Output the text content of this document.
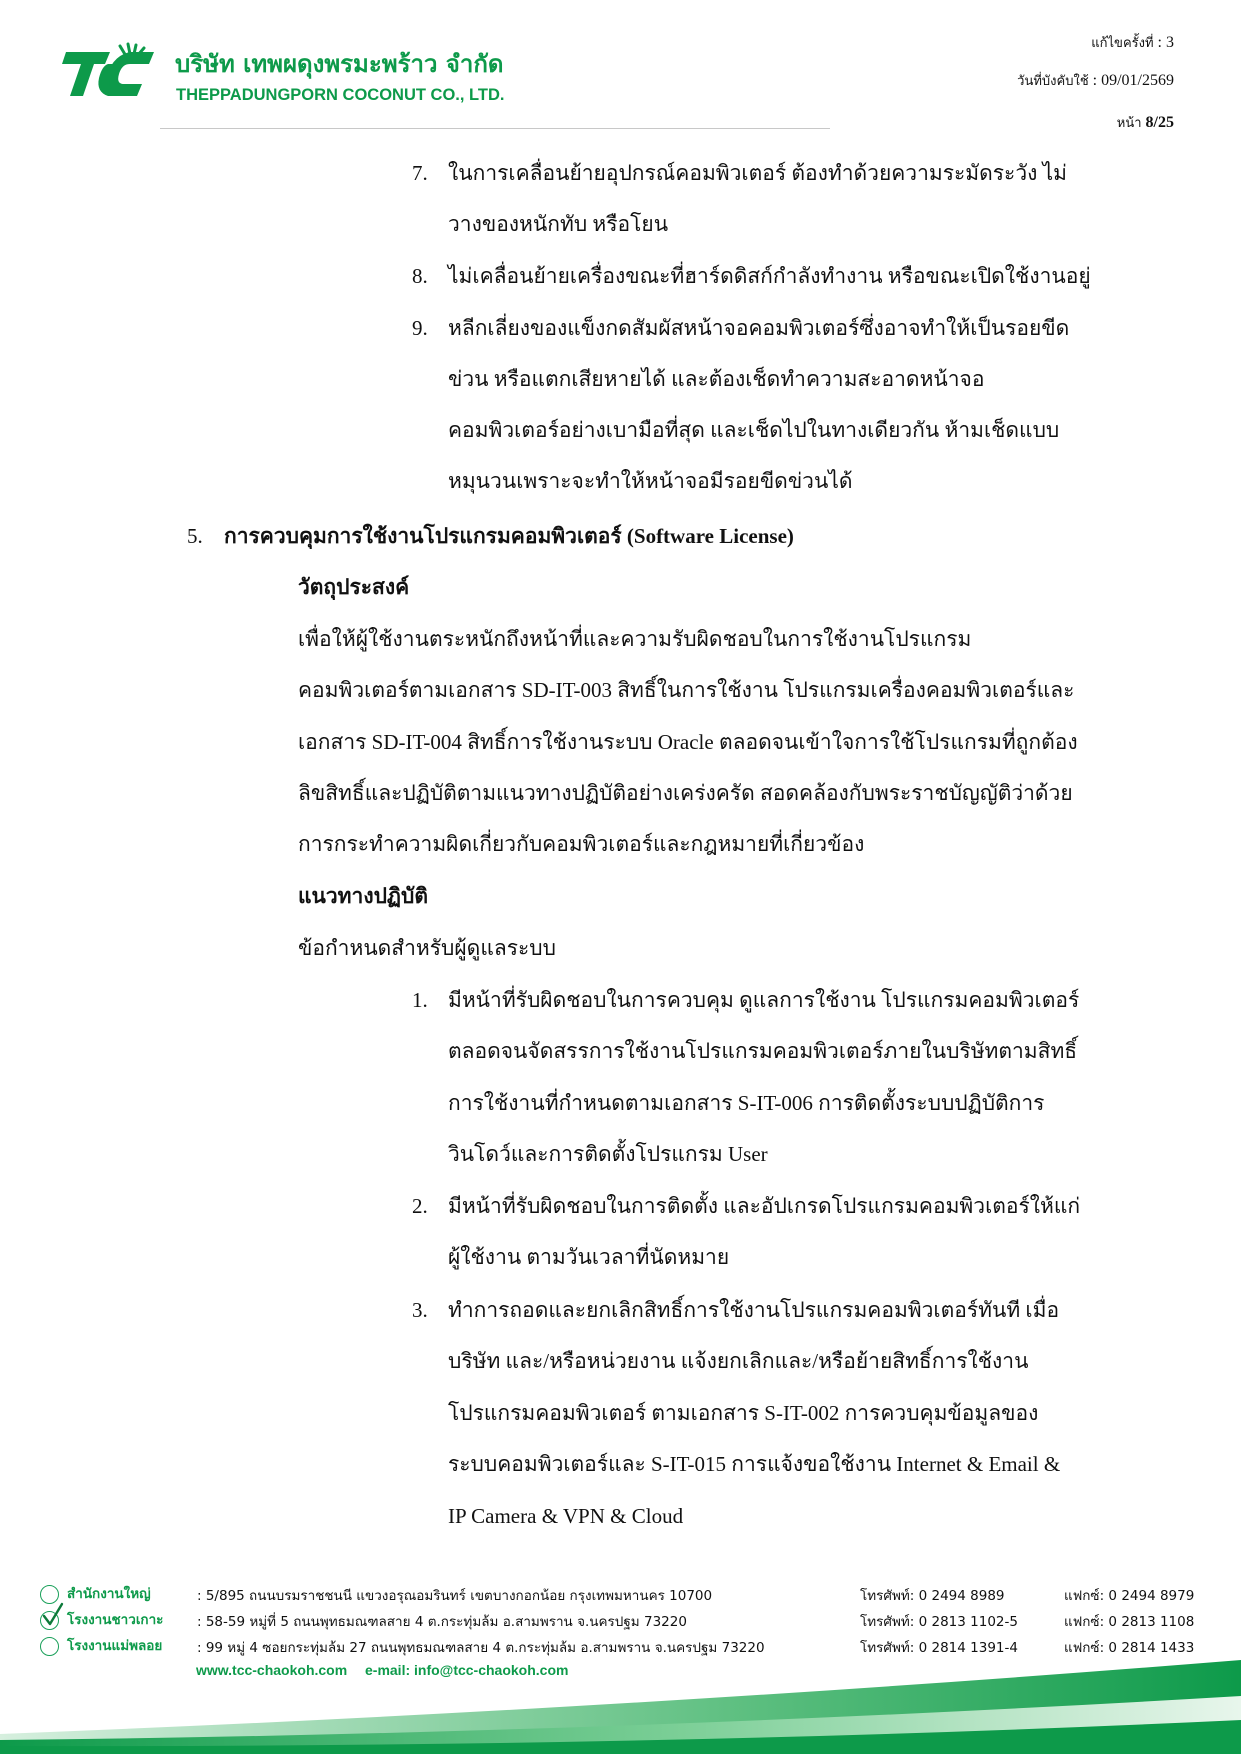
บริษัท เทพผดุงพรมะพร้าว จำกัด
THEPPADUNGPORN COCONUT CO., LTD.
แก้ไขครั้งที่ : 3
วันที่บังคับใช้ : 09/01/2569
หน้า 8/25
7. ในการเคลื่อนย้ายอุปกรณ์คอมพิวเตอร์ ต้องทำด้วยความระมัดระวัง ไม่
วางของหนักทับ หรือโยน
8. ไม่เคลื่อนย้ายเครื่องขณะที่ฮาร์ดดิสก์กำลังทำงาน หรือขณะเปิดใช้งานอยู่
9. หลีกเลี่ยงของแข็งกดสัมผัสหน้าจอคอมพิวเตอร์ซึ่งอาจทำให้เป็นรอยขีด
ข่วน หรือแตกเสียหายได้ และต้องเช็ดทำความสะอาดหน้าจอ
คอมพิวเตอร์อย่างเบามือที่สุด และเช็ดไปในทางเดียวกัน ห้ามเช็ดแบบ
หมุนวนเพราะจะทำให้หน้าจอมีรอยขีดข่วนได้
5. การควบคุมการใช้งานโปรแกรมคอมพิวเตอร์ (Software License)
วัตถุประสงค์
เพื่อให้ผู้ใช้งานตระหนักถึงหน้าที่และความรับผิดชอบในการใช้งานโปรแกรม
คอมพิวเตอร์ตามเอกสาร SD-IT-003 สิทธิ์ในการใช้งาน โปรแกรมเครื่องคอมพิวเตอร์และ
เอกสาร SD-IT-004 สิทธิ์การใช้งานระบบ Oracle ตลอดจนเข้าใจการใช้โปรแกรมที่ถูกต้อง
ลิขสิทธิ์และปฏิบัติตามแนวทางปฏิบัติอย่างเคร่งครัด สอดคล้องกับพระราชบัญญัติว่าด้วย
การกระทำความผิดเกี่ยวกับคอมพิวเตอร์และกฎหมายที่เกี่ยวข้อง
แนวทางปฏิบัติ
ข้อกำหนดสำหรับผู้ดูแลระบบ
1. มีหน้าที่รับผิดชอบในการควบคุม ดูแลการใช้งาน โปรแกรมคอมพิวเตอร์
ตลอดจนจัดสรรการใช้งานโปรแกรมคอมพิวเตอร์ภายในบริษัทตามสิทธิ์
การใช้งานที่กำหนดตามเอกสาร S-IT-006 การติดตั้งระบบปฏิบัติการ
วินโดว์และการติดตั้งโปรแกรม User
2. มีหน้าที่รับผิดชอบในการติดตั้ง และอัปเกรดโปรแกรมคอมพิวเตอร์ให้แก่
ผู้ใช้งาน ตามวันเวลาที่นัดหมาย
3. ทำการถอดและยกเลิกสิทธิ์การใช้งานโปรแกรมคอมพิวเตอร์ทันที เมื่อ
บริษัท และ/หรือหน่วยงาน แจ้งยกเลิกและ/หรือย้ายสิทธิ์การใช้งาน
โปรแกรมคอมพิวเตอร์ ตามเอกสาร S-IT-002 การควบคุมข้อมูลของ
ระบบคอมพิวเตอร์และ S-IT-015 การแจ้งขอใช้งาน Internet & Email &
IP Camera & VPN & Cloud
สำนักงานใหญ่	: 5/895 ถนนบรมราชชนนี แขวงอรุณอมรินทร์ เขตบางกอกน้อย กรุงเทพมหานคร 10700	โทรศัพท์: 0 2494 8989	แฟกซ์: 0 2494 8979
โรงงานชาวเกาะ : 58-59 หมู่ที่ 5 ถนนพุทธมณฑลสาย 4 ต.กระทุ่มล้ม อ.สามพราน จ.นครปฐม 73220	โทรศัพท์: 0 2813 1102-5	แฟกซ์: 0 2813 1108
โรงงานแม่พลอย	: 99 หมู่ 4 ซอยกระทุ่มล้ม 27 ถนนพุทธมณฑลสาย 4 ต.กระทุ่มล้ม อ.สามพราน จ.นครปฐม 73220	โทรศัพท์: 0 2814 1391-4	แฟกซ์: 0 2814 1433
www.tcc-chaokoh.com e-mail: info@tcc-chaokoh.com
